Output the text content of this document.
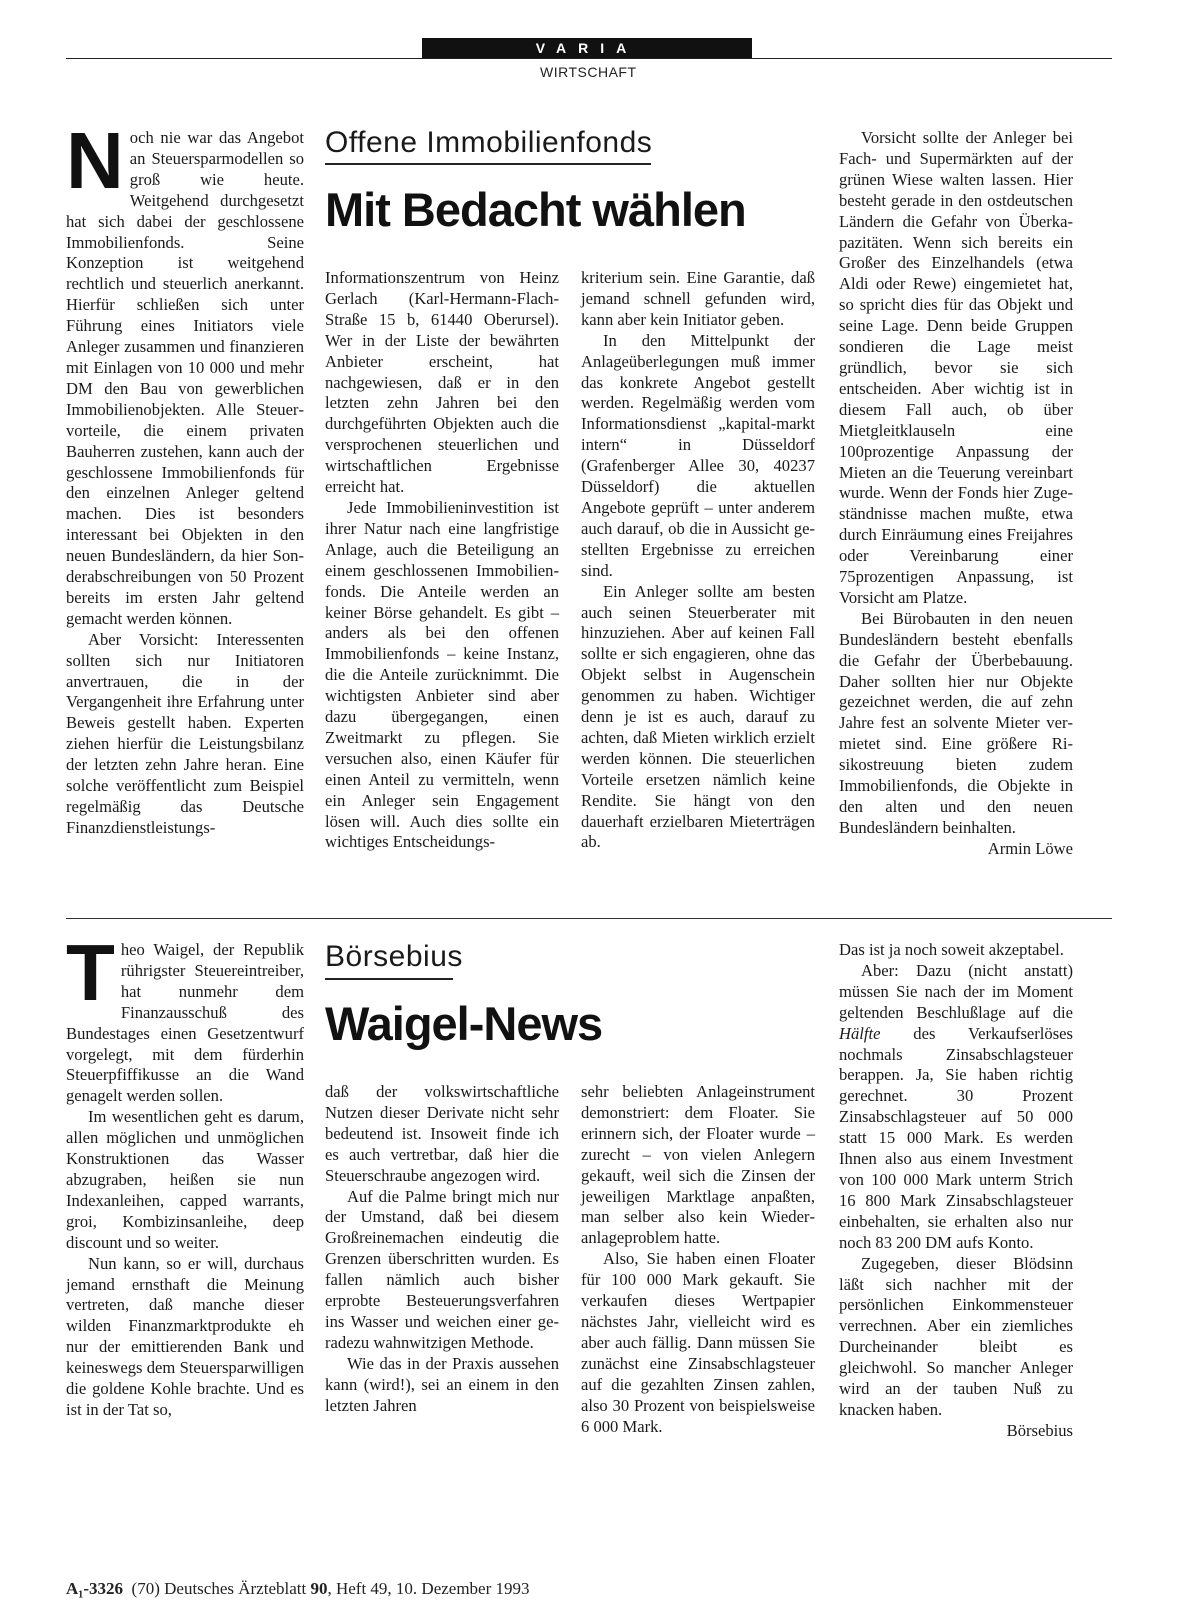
VARIA
WIRTSCHAFT

Noch nie war das Angebot an Steuersparmodellen so groß wie heute. Weitgehend durchgesetzt hat sich dabei der geschlossene Immobilienfonds. Seine Konzeption ist weitgehend rechtlich und steuerlich anerkannt. Hierfür schließen sich unter Führung eines Initiators viele Anleger zusammen und finanzieren mit Einlagen von 10 000 und mehr DM den Bau von gewerblichen Immobilienobjekten. Alle Steuervorteile, die einem privaten Bauherren zustehen, kann auch der geschlossene Immobilienfonds für den einzelnen Anleger geltend machen. Dies ist besonders interessant bei Objekten in den neuen Bundesländern, da hier Sonderabschreibungen von 50 Prozent bereits im ersten Jahr geltend gemacht werden können.

Aber Vorsicht: Interessenten sollten sich nur Initiatoren anvertrauen, die in der Vergangenheit ihre Erfahrung unter Beweis gestellt haben. Experten ziehen hierfür die Leistungsbilanz der letzten zehn Jahre heran. Eine solche veröffentlicht zum Beispiel regelmäßig das Deutsche Finanzdienstleistungs-

Offene Immobilienfonds
Mit Bedacht wählen

Informationszentrum von Heinz Gerlach (Karl-Hermann-Flach-Straße 15 b, 61440 Oberursel). Wer in der Liste der bewährten Anbieter erscheint, hat nachgewiesen, daß er in den letzten zehn Jahren bei den durchgeführten Objekten auch die versprochenen steuerlichen und wirtschaftlichen Ergebnisse erreicht hat.

Jede Immobilieninvestition ist ihrer Natur nach eine langfristige Anlage, auch die Beteiligung an einem geschlossenen Immobilienfonds. Die Anteile werden an keiner Börse gehandelt. Es gibt – anders als bei den offenen Immobilienfonds – keine Instanz, die die Anteile zurücknimmt. Die wichtigsten Anbieter sind aber dazu übergegangen, einen Zweitmarkt zu pflegen. Sie versuchen also, einen Käufer für einen Anteil zu vermitteln, wenn ein Anleger sein Engagement lösen will. Auch dies sollte ein wichtiges Entscheidungs-

kriterium sein. Eine Garantie, daß jemand schnell gefunden wird, kann aber kein Initiator geben.

In den Mittelpunkt der Anlageüberlegungen muß immer das konkrete Angebot gestellt werden. Regelmäßig werden vom Informationsdienst „kapital-markt intern“ in Düsseldorf (Grafenberger Allee 30, 40237 Düsseldorf) die aktuellen Angebote geprüft – unter anderem auch darauf, ob die in Aussicht gestellten Ergebnisse zu erreichen sind.

Ein Anleger sollte am besten auch seinen Steuerberater mit hinzuziehen. Aber auf keinen Fall sollte er sich engagieren, ohne das Objekt selbst in Augenschein genommen zu haben. Wichtiger denn je ist es auch, darauf zu achten, daß Mieten wirklich erzielt werden können. Die steuerlichen Vorteile ersetzen nämlich keine Rendite. Sie hängt von den dauerhaft erzielbaren Mieterträgen ab.

Vorsicht sollte der Anleger bei Fach- und Supermärkten auf der grünen Wiese walten lassen. Hier besteht gerade in den ostdeutschen Ländern die Gefahr von Überkapazitäten. Wenn sich bereits ein Großer des Einzelhandels (etwa Aldi oder Rewe) eingemietet hat, so spricht dies für das Objekt und seine Lage. Denn beide Gruppen sondieren die Lage meist gründlich, bevor sie sich entscheiden. Aber wichtig ist in diesem Fall auch, ob über Mietgleitklauseln eine 100prozentige Anpassung der Mieten an die Teuerung vereinbart wurde. Wenn der Fonds hier Zugeständnisse machen mußte, etwa durch Einräumung eines Freijahres oder Vereinbarung einer 75prozentigen Anpassung, ist Vorsicht am Platze.

Bei Bürobauten in den neuen Bundesländern besteht ebenfalls die Gefahr der Überbebauung. Daher sollten hier nur Objekte gezeichnet werden, die auf zehn Jahre fest an solvente Mieter vermietet sind. Eine größere Risikostreuung bieten zudem Immobilienfonds, die Objekte in den alten und den neuen Bundesländern beinhalten.

Armin Löwe

Theo Waigel, der Republik rührigster Steuereintreiber, hat nunmehr dem Finanzausschuß des Bundestages einen Gesetzentwurf vorgelegt, mit dem fürderhin Steuerpfiffikusse an die Wand genagelt werden sollen.

Im wesentlichen geht es darum, allen möglichen und unmöglichen Konstruktionen das Wasser abzugraben, heißen sie nun Indexanleihen, capped warrants, groi, Kombizinsanleihe, deep discount und so weiter.

Nun kann, so er will, durchaus jemand ernsthaft die Meinung vertreten, daß manche dieser wilden Finanzmarktprodukte eh nur der emittierenden Bank und keineswegs dem Steuersparwilligen die goldene Kohle brachte. Und es ist in der Tat so,

Börsebius
Waigel-News

daß der volkswirtschaftliche Nutzen dieser Derivate nicht sehr bedeutend ist. Insoweit finde ich es auch vertretbar, daß hier die Steuerschraube angezogen wird.

Auf die Palme bringt mich nur der Umstand, daß bei diesem Großreinemachen eindeutig die Grenzen überschritten wurden. Es fallen nämlich auch bisher erprobte Besteuerungsverfahren ins Wasser und weichen einer geradezu wahnwitzigen Methode.

Wie das in der Praxis aussehen kann (wird!), sei an einem in den letzten Jahren

sehr beliebten Anlageinstrument demonstriert: dem Floater. Sie erinnern sich, der Floater wurde – zurecht – von vielen Anlegern gekauft, weil sich die Zinsen der jeweiligen Marktlage anpaßten, man selber also kein Wiederanlageproblem hatte.

Also, Sie haben einen Floater für 100 000 Mark gekauft. Sie verkaufen dieses Wertpapier nächstes Jahr, vielleicht wird es aber auch fällig. Dann müssen Sie zunächst eine Zinsabschlagsteuer auf die gezahlten Zinsen zahlen, also 30 Prozent von beispielsweise 6 000 Mark.

Das ist ja noch soweit akzeptabel.

Aber: Dazu (nicht anstatt) müssen Sie nach der im Moment geltenden Beschlußlage auf die Hälfte des Verkaufserlöses nochmals Zinsabschlagsteuer berappen. Ja, Sie haben richtig gerechnet. 30 Prozent Zinsabschlagsteuer auf 50 000 statt 15 000 Mark. Es werden Ihnen also aus einem Investment von 100 000 Mark unterm Strich 16 800 Mark Zinsabschlagsteuer einbehalten, sie erhalten also nur noch 83 200 DM aufs Konto.

Zugegeben, dieser Blödsinn läßt sich nachher mit der persönlichen Einkommensteuer verrechnen. Aber ein ziemliches Durcheinander bleibt es gleichwohl. So mancher Anleger wird an der tauben Nuß zu knacken haben.

Börsebius

A₁-3326 (70) Deutsches Ärzteblatt 90, Heft 49, 10. Dezember 1993
